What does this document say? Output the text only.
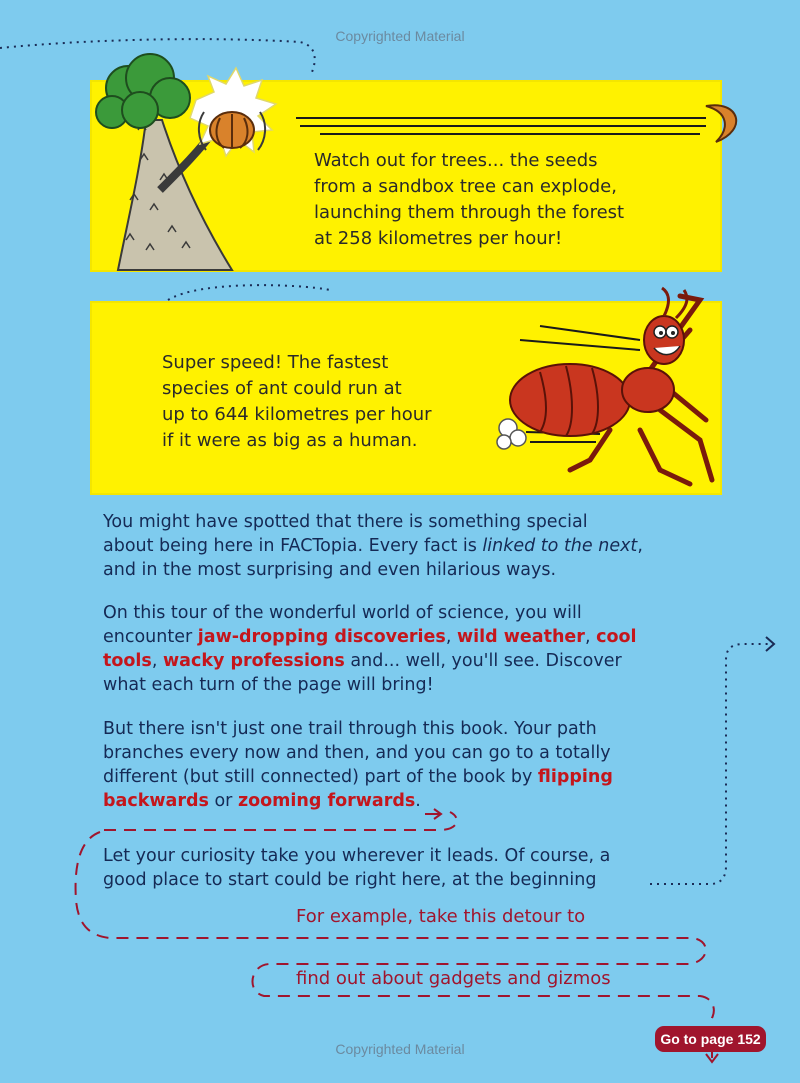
Copyrighted Material
Watch out for trees... the seeds
from a sandbox tree can explode,
launching them through the forest
at 258 kilometres per hour!
Super speed! The fastest
species of ant could run at
up to 644 kilometres per hour
if it were as big as a human.
You might have spotted that there is something special
about being here in FACTopia. Every fact is linked to the next,
and in the most surprising and even hilarious ways.
On this tour of the wonderful world of science, you will
encounter jaw-dropping discoveries, wild weather, cool
tools, wacky professions and... well, you'll see. Discover
what each turn of the page will bring!
But there isn't just one trail through this book. Your path
branches every now and then, and you can go to a totally
different (but still connected) part of the book by flipping
backwards or zooming forwards.
Let your curiosity take you wherever it leads. Of course, a
good place to start could be right here, at the beginning
For example, take this detour to
find out about gadgets and gizmos
Go to page 152
Copyrighted Material
